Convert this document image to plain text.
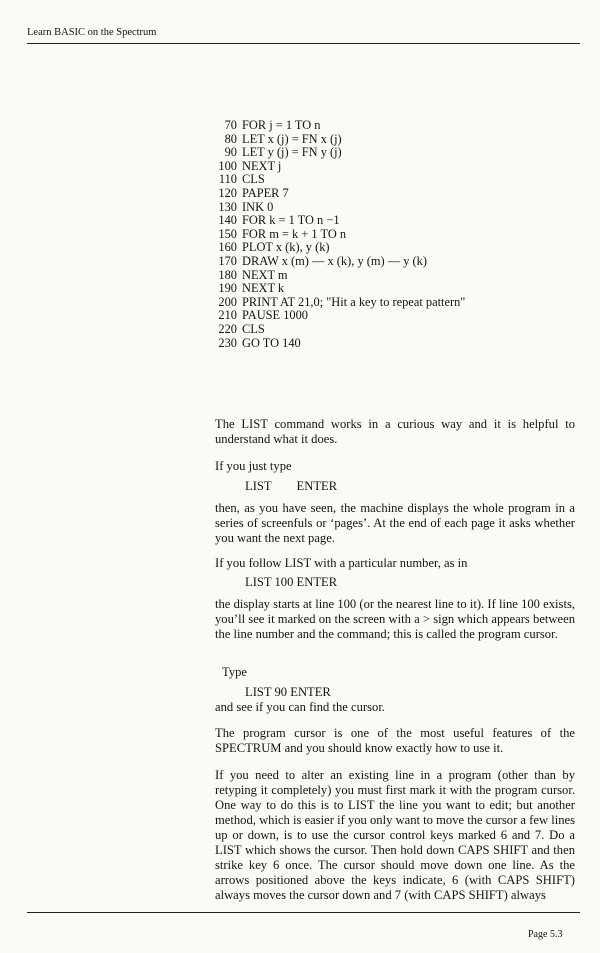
Learn BASIC on the Spectrum
70 FOR j = 1 TO n
80 LET x (j) = FN x (j)
90 LET y (j) = FN y (j)
100 NEXT j
110 CLS
120 PAPER 7
130 INK 0
140 FOR k = 1 TO n −1
150 FOR m = k + 1 TO n
160 PLOT x (k), y (k)
170 DRAW x (m) — x (k), y (m) — y (k)
180 NEXT m
190 NEXT k
200 PRINT AT 21,0; "Hit a key to repeat pattern"
210 PAUSE 1000
220 CLS
230 GO TO 140

The LIST command works in a curious way and it is helpful to understand what it does.

If you just type

LIST        ENTER

then, as you have seen, the machine displays the whole program in a series of screenfuls or ‘pages’. At the end of each page it asks whether you want the next page.

If you follow LIST with a particular number, as in

LIST 100 ENTER

the display starts at line 100 (or the nearest line to it). If line 100 exists, you’ll see it marked on the screen with a > sign which appears between the line number and the command; this is called the program cursor.

Type
LIST 90 ENTER

and see if you can find the cursor.

The program cursor is one of the most useful features of the SPECTRUM and you should know exactly how to use it.

If you need to alter an existing line in a program (other than by retyping it completely) you must first mark it with the program cursor. One way to do this is to LIST the line you want to edit; but another method, which is easier if you only want to move the cursor a few lines up or down, is to use the cursor control keys marked 6 and 7. Do a LIST which shows the cursor. Then hold down CAPS SHIFT and then strike key 6 once. The cursor should move down one line. As the arrows positioned above the keys indicate, 6 (with CAPS SHIFT) always moves the cursor down and 7 (with CAPS SHIFT) always

Page 5.3
